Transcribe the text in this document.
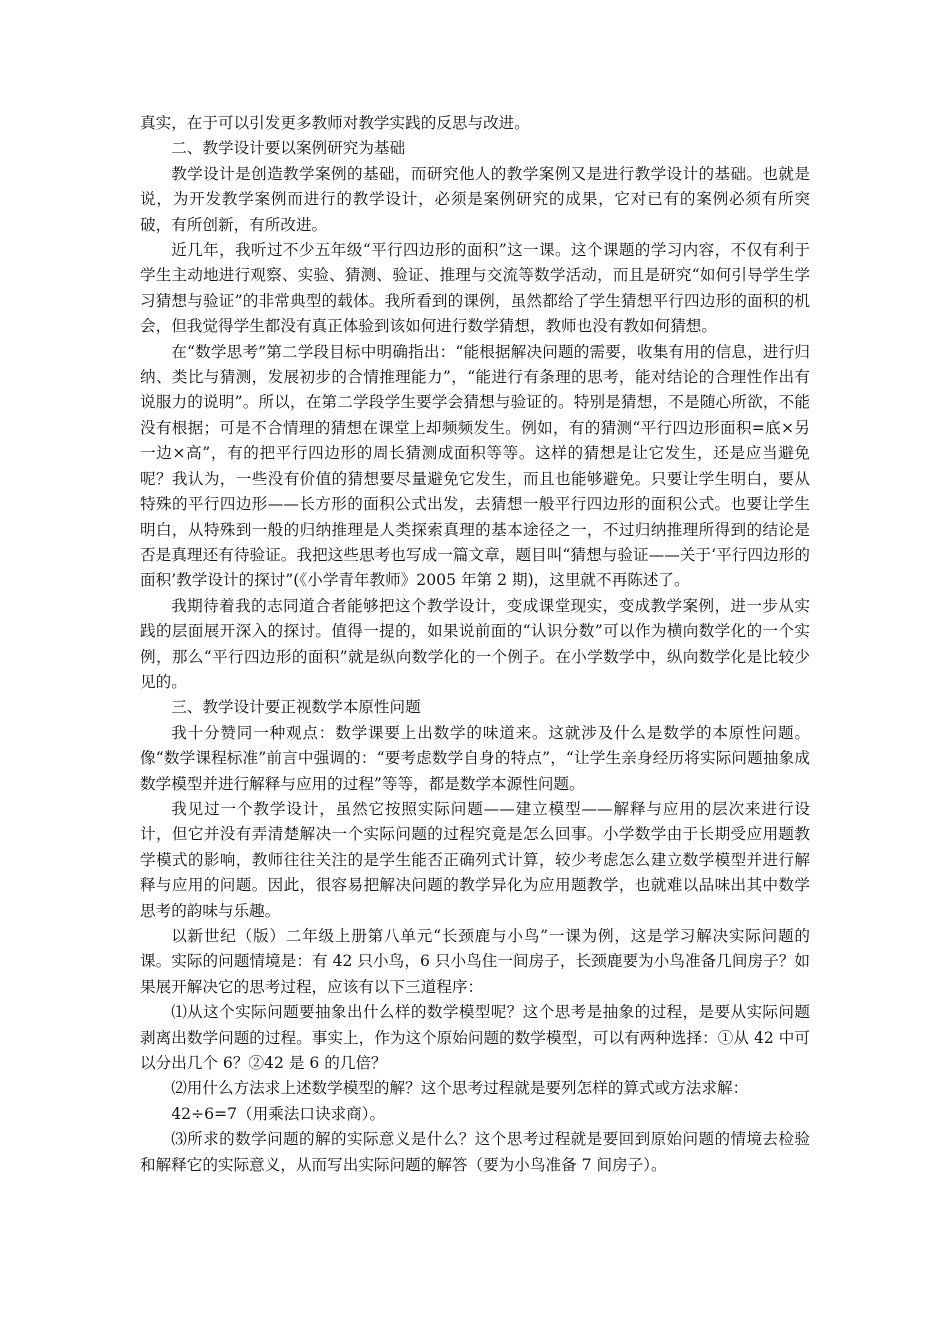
真实，在于可以引发更多教师对教学实践的反思与改进。

二、教学设计要以案例研究为基础

教学设计是创造教学案例的基础，而研究他人的教学案例又是进行教学设计的基础。也就是说，为开发教学案例而进行的教学设计，必须是案例研究的成果，它对已有的案例必须有所突破，有所创新，有所改进。

近几年，我听过不少五年级“平行四边形的面积”这一课。这个课题的学习内容，不仅有利于学生主动地进行观察、实验、猜测、验证、推理与交流等数学活动，而且是研究“如何引导学生学习猜想与验证”的非常典型的载体。我所看到的课例，虽然都给了学生猜想平行四边形的面积的机会，但我觉得学生都没有真正体验到该如何进行数学猜想，教师也没有教如何猜想。

在“数学思考”第二学段目标中明确指出：“能根据解决问题的需要，收集有用的信息，进行归纳、类比与猜测，发展初步的合情推理能力”，“能进行有条理的思考，能对结论的合理性作出有说服力的说明”。所以，在第二学段学生要学会猜想与验证的。特别是猜想，不是随心所欲，不能没有根据；可是不合情理的猜想在课堂上却频频发生。例如，有的猜测“平行四边形面积=底×另一边×高”，有的把平行四边形的周长猜测成面积等等。这样的猜想是让它发生，还是应当避免呢？我认为，一些没有价值的猜想要尽量避免它发生，而且也能够避免。只要让学生明白，要从特殊的平行四边形——长方形的面积公式出发，去猜想一般平行四边形的面积公式。也要让学生明白，从特殊到一般的归纳推理是人类探索真理的基本途径之一，不过归纳推理所得到的结论是否是真理还有待验证。我把这些思考也写成一篇文章，题目叫“猜想与验证——关于‘平行四边形的面积’教学设计的探讨”(《小学青年教师》2005 年第 2 期)，这里就不再陈述了。

我期待着我的志同道合者能够把这个教学设计，变成课堂现实，变成教学案例，进一步从实践的层面展开深入的探讨。值得一提的，如果说前面的“认识分数”可以作为横向数学化的一个实例，那么“平行四边形的面积”就是纵向数学化的一个例子。在小学数学中，纵向数学化是比较少见的。

三、教学设计要正视数学本原性问题

我十分赞同一种观点：数学课要上出数学的味道来。这就涉及什么是数学的本原性问题。像“数学课程标准”前言中强调的：“要考虑数学自身的特点”，“让学生亲身经历将实际问题抽象成数学模型并进行解释与应用的过程”等等，都是数学本源性问题。

我见过一个教学设计，虽然它按照实际问题——建立模型——解释与应用的层次来进行设计，但它并没有弄清楚解决一个实际问题的过程究竟是怎么回事。小学数学由于长期受应用题教学模式的影响，教师往往关注的是学生能否正确列式计算，较少考虑怎么建立数学模型并进行解释与应用的问题。因此，很容易把解决问题的教学异化为应用题教学，也就难以品味出其中数学思考的韵味与乐趣。

以新世纪（版）二年级上册第八单元“长颈鹿与小鸟”一课为例，这是学习解决实际问题的课。实际的问题情境是：有 42 只小鸟，6 只小鸟住一间房子，长颈鹿要为小鸟准备几间房子？如果展开解决它的思考过程，应该有以下三道程序：

⑴从这个实际问题要抽象出什么样的数学模型呢？这个思考是抽象的过程，是要从实际问题剥离出数学问题的过程。事实上，作为这个原始问题的数学模型，可以有两种选择：①从 42 中可以分出几个 6？②42 是 6 的几倍？

⑵用什么方法求上述数学模型的解？这个思考过程就是要列怎样的算式或方法求解：

42÷6=7（用乘法口诀求商）。

⑶所求的数学问题的解的实际意义是什么？这个思考过程就是要回到原始问题的情境去检验和解释它的实际意义，从而写出实际问题的解答（要为小鸟准备 7 间房子）。
